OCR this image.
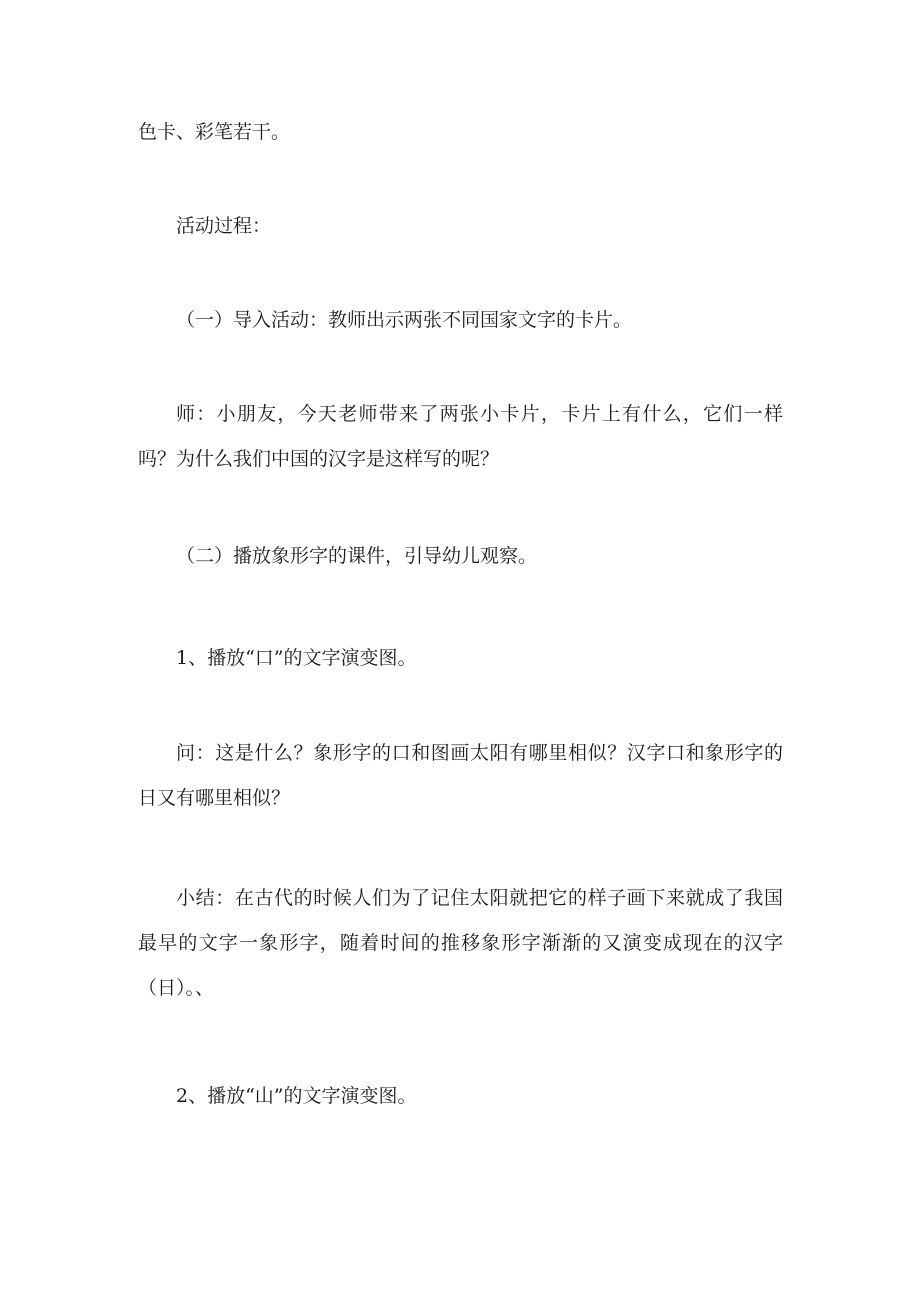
色卡、彩笔若干。

活动过程：

（一）导入活动：教师出示两张不同国家文字的卡片。

师：小朋友，今天老师带来了两张小卡片，卡片上有什么，它们一样吗？为什么我们中国的汉字是这样写的呢？

（二）播放象形字的课件，引导幼儿观察。

1、播放“口”的文字演变图。

问：这是什么？象形字的口和图画太阳有哪里相似？汉字口和象形字的日又有哪里相似？

小结：在古代的时候人们为了记住太阳就把它的样子画下来就成了我国最早的文字一象形字，随着时间的推移象形字渐渐的又演变成现在的汉字（日）。、

2、播放“山”的文字演变图。
